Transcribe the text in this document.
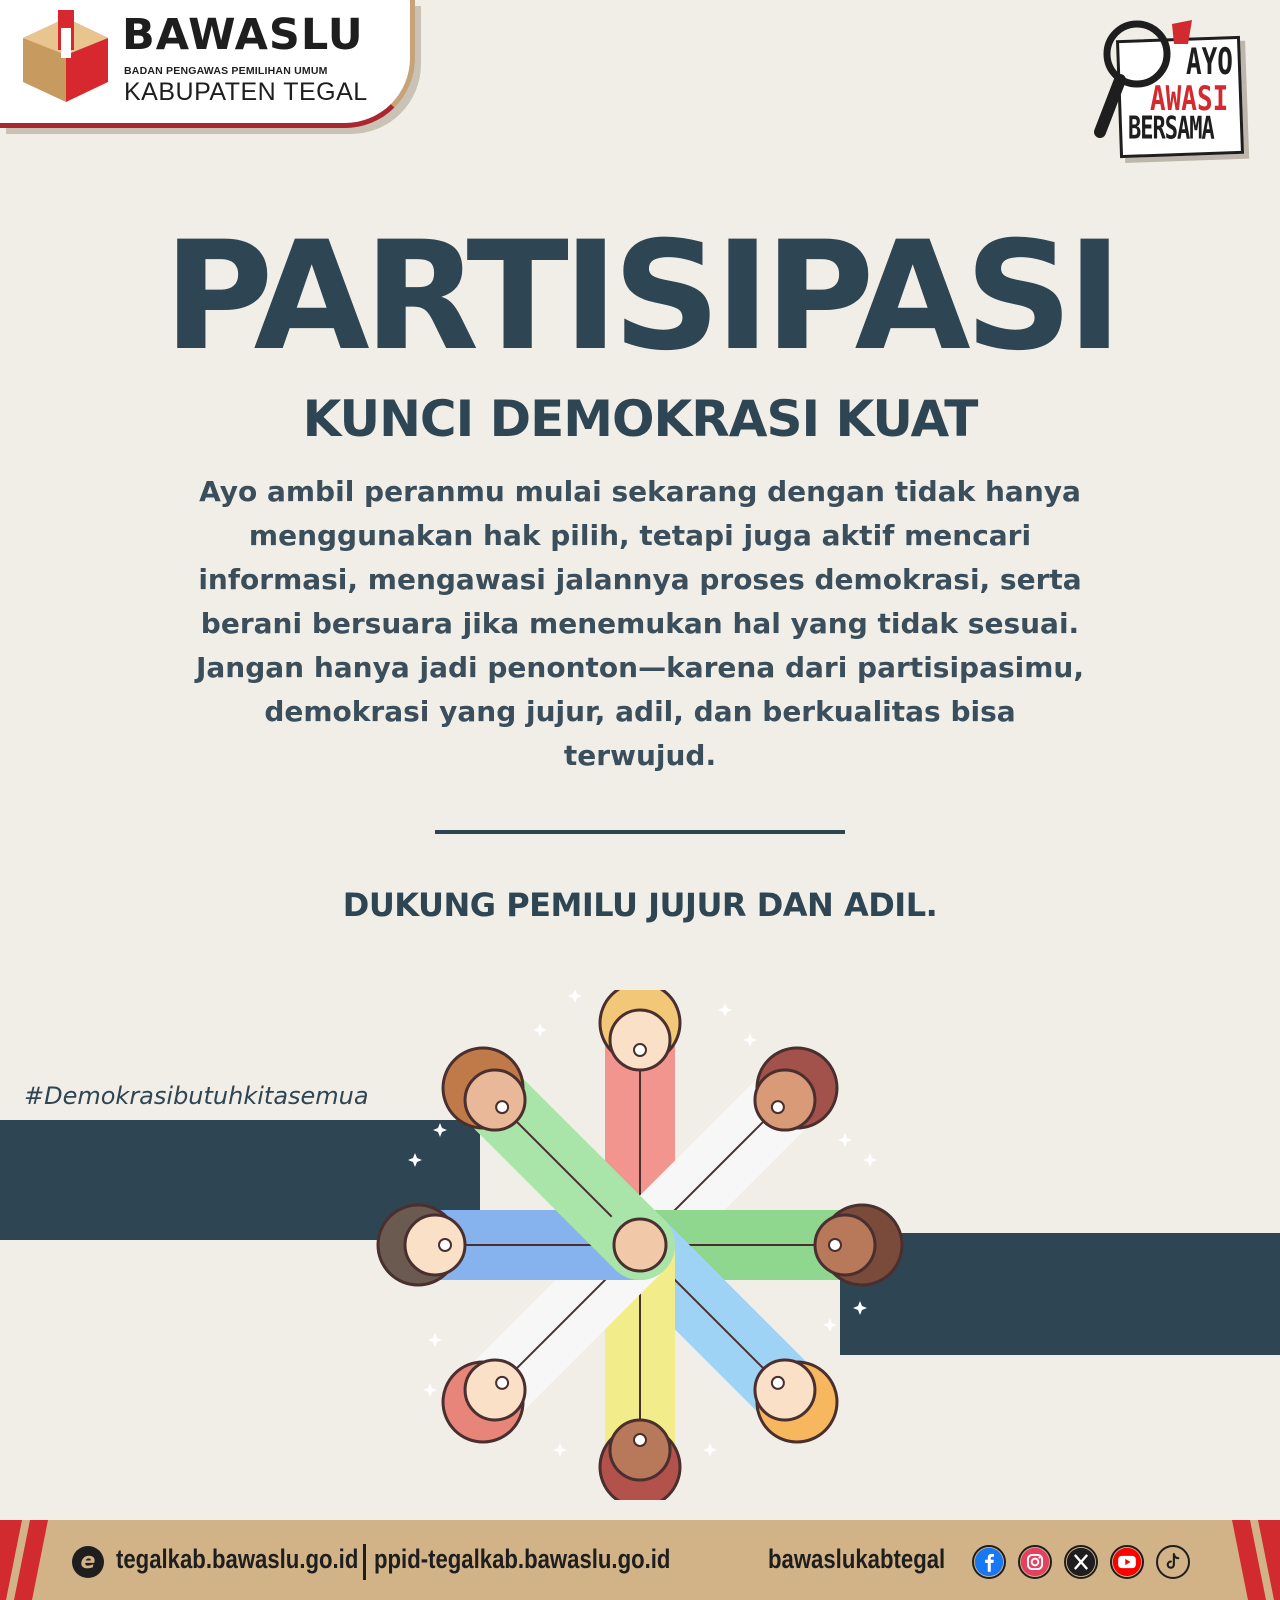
BAWASLU
BADAN PENGAWAS PEMILIHAN UMUM
KABUPATEN TEGAL
AYO
AWASI
BERSAMA
PARTISIPASI
KUNCI DEMOKRASI KUAT

Ayo ambil peranmu mulai sekarang dengan tidak hanya menggunakan hak pilih, tetapi juga aktif mencari informasi, mengawasi jalannya proses demokrasi, serta berani bersuara jika menemukan hal yang tidak sesuai.

Jangan hanya jadi penonton—karena dari partisipasimu, demokrasi yang jujur, adil, dan berkualitas bisa terwujud.

DUKUNG PEMILU JUJUR DAN ADIL.
#Demokrasibutuhkitasemua
e tegalkab.bawaslu.go.id ppid-tegalkab.bawaslu.go.id	bawaslukabtegal
